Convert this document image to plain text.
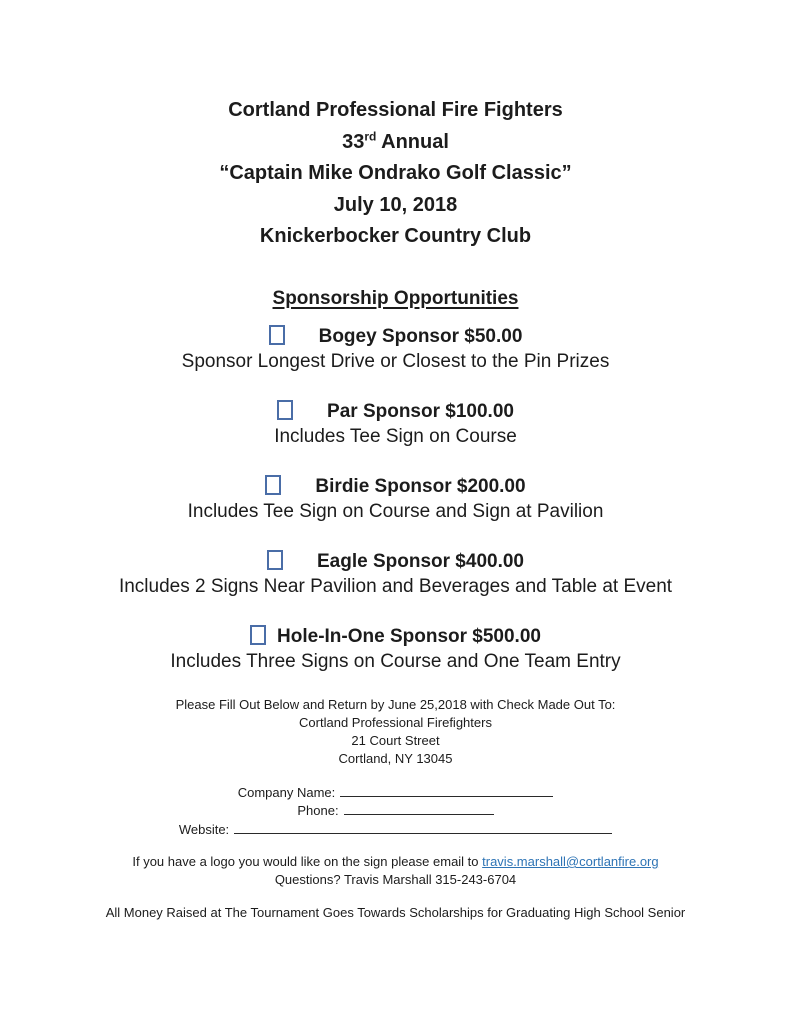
Cortland Professional Fire Fighters
33rd Annual
“Captain Mike Ondrako Golf Classic”
July 10, 2018
Knickerbocker Country Club
Sponsorship Opportunities
Bogey Sponsor $50.00
Sponsor Longest Drive or Closest to the Pin Prizes
Par Sponsor $100.00
Includes Tee Sign on Course
Birdie Sponsor $200.00
Includes Tee Sign on Course and Sign at Pavilion
Eagle Sponsor $400.00
Includes 2 Signs Near Pavilion and Beverages and Table at Event
Hole-In-One Sponsor $500.00
Includes Three Signs on Course and One Team Entry
Please Fill Out Below and Return by June 25,2018 with Check Made Out To:
Cortland Professional Firefighters
21 Court Street
Cortland, NY 13045
Company Name:
Phone:
Website:
If you have a logo you would like on the sign please email to travis.marshall@cortlanfire.org
Questions? Travis Marshall 315-243-6704
All Money Raised at The Tournament Goes Towards Scholarships for Graduating High School Senior
